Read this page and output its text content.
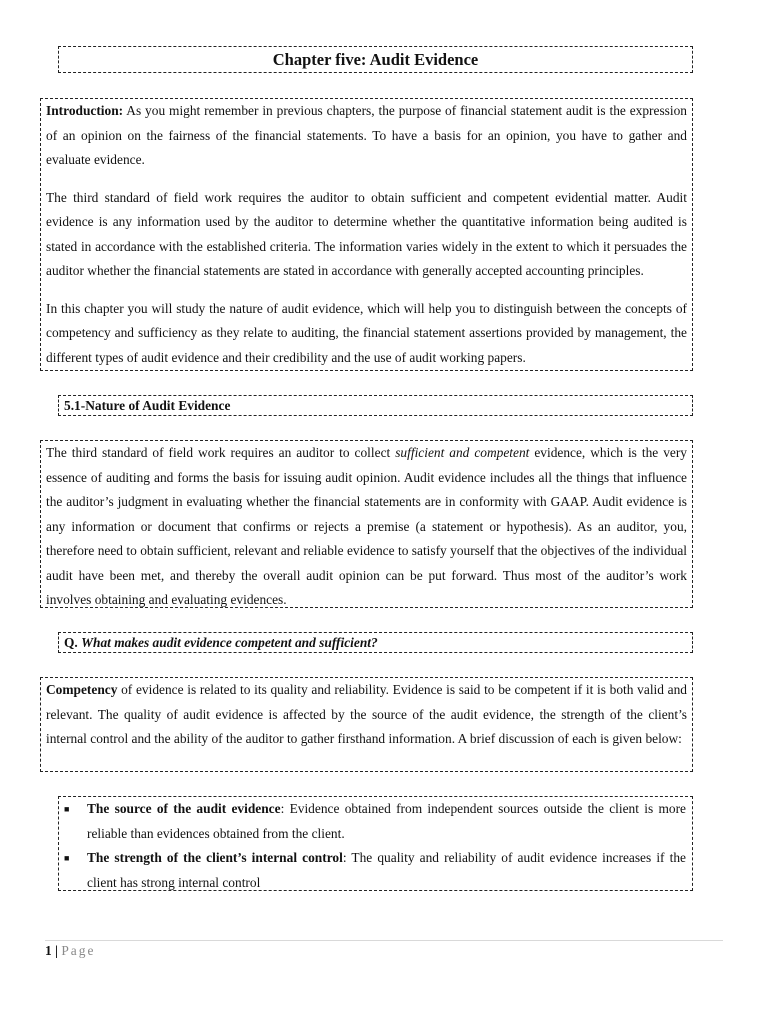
Chapter five: Audit Evidence

Introduction: As you might remember in previous chapters, the purpose of financial statement audit is the expression of an opinion on the fairness of the financial statements. To have a basis for an opinion, you have to gather and evaluate evidence.

The third standard of field work requires the auditor to obtain sufficient and competent evidential matter. Audit evidence is any information used by the auditor to determine whether the quantitative information being audited is stated in accordance with the established criteria. The information varies widely in the extent to which it persuades the auditor whether the financial statements are stated in accordance with generally accepted accounting principles.

In this chapter you will study the nature of audit evidence, which will help you to distinguish between the concepts of competency and sufficiency as they relate to auditing, the financial statement assertions provided by management, the different types of audit evidence and their credibility and the use of audit working papers.

5.1-Nature of Audit Evidence

The third standard of field work requires an auditor to collect sufficient and competent evidence, which is the very essence of auditing and forms the basis for issuing audit opinion. Audit evidence includes all the things that influence the auditor’s judgment in evaluating whether the financial statements are in conformity with GAAP. Audit evidence is any information or document that confirms or rejects a premise (a statement or hypothesis). As an auditor, you, therefore need to obtain sufficient, relevant and reliable evidence to satisfy yourself that the objectives of the individual audit have been met, and thereby the overall audit opinion can be put forward. Thus most of the auditor’s work involves obtaining and evaluating evidences.

Q. What makes audit evidence competent and sufficient?

Competency of evidence is related to its quality and reliability. Evidence is said to be competent if it is both valid and relevant. The quality of audit evidence is affected by the source of the audit evidence, the strength of the client’s internal control and the ability of the auditor to gather firsthand information. A brief discussion of each is given below:

■ The source of the audit evidence: Evidence obtained from independent sources outside the client is more reliable than evidences obtained from the client.
■ The strength of the client’s internal control: The quality and reliability of audit evidence increases if the client has strong internal control
1 | Page
